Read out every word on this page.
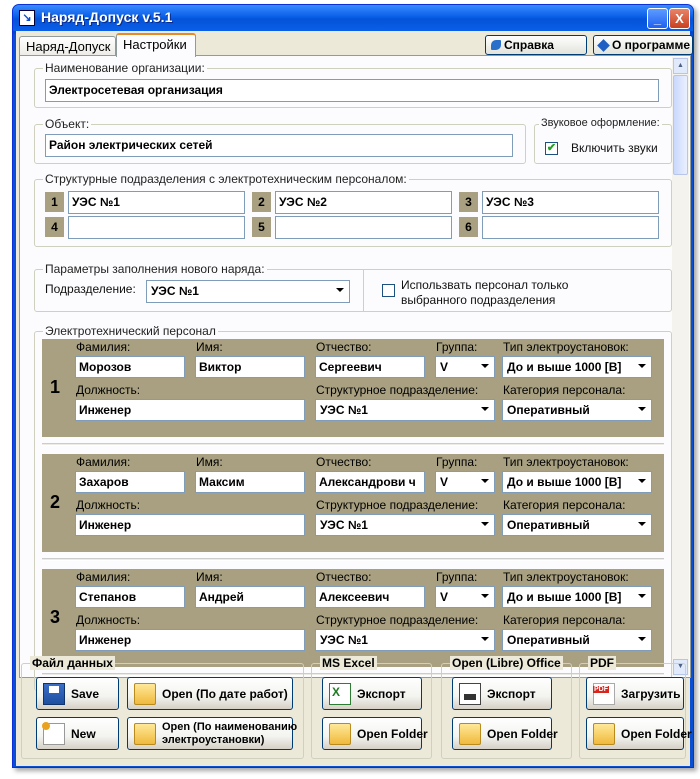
↘ Наряд-Допуск v.5.1	_	X
Наряд-Допуск Настройки	Справка	О программе
▲
▼
Наименование организации:
Электросетевая организация
Объект:
Район электрических сетей
Звуковое оформление:
✔ Включить звуки
Структурные подразделения с электротехническим персоналом:
1	УЭС №1	2	УЭС №2	3	УЭС №3
4	5	6
Параметры заполнения нового наряда:
Подразделение:	УЭС №1	Использвать персонал только
выбранного подразделения
Электротехнический персонал
1
Фамилия:
Морозов
Имя:
Виктор
Отчество:
Сергеевич
Группа:
V
Тип электроустановок:
До и выше 1000 [В]
Должность:
Инженер
Структурное подразделение:
УЭС №1
Категория персонала:
Оперативный
2
Фамилия:
Захаров
Имя:
Максим
Отчество:
Александрови ч
Группа:
V
Тип электроустановок:
До и выше 1000 [В]
Должность:
Инженер
Структурное подразделение:
УЭС №1
Категория персонала:
Оперативный
3
Фамилия:
Степанов
Имя:
Андрей
Отчество:
Алексеевич
Группа:
V
Тип электроустановок:
До и выше 1000 [В]
Должность:
Инженер
Структурное подразделение:
УЭС №1
Категория персонала:
Оперативный
Файл данных
Save	Open (По дате работ)
New	Open (По наименованию
электроустановки)
MS Excel
X
Экспорт
Open Folder
Open (Libre) Office
Экспорт
Open Folder
PDF
PDF
Загрузить
Open Folder
